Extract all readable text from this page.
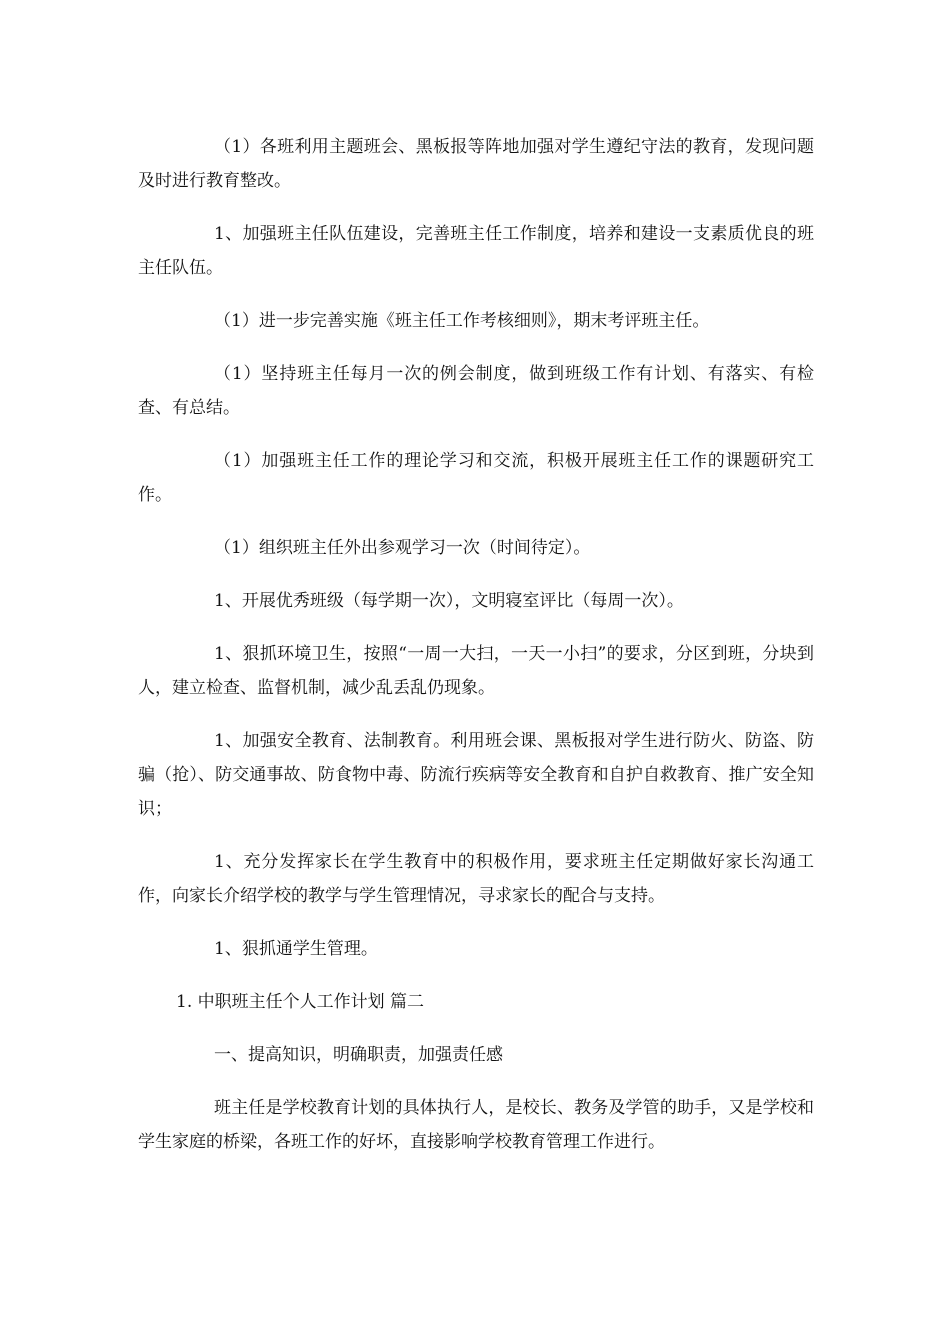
（1）各班利用主题班会、黑板报等阵地加强对学生遵纪守法的教育，发现问题及时进行教育整改。

1、加强班主任队伍建设，完善班主任工作制度，培养和建设一支素质优良的班主任队伍。

（1）进一步完善实施《班主任工作考核细则》，期末考评班主任。

（1）坚持班主任每月一次的例会制度，做到班级工作有计划、有落实、有检查、有总结。

（1）加强班主任工作的理论学习和交流，积极开展班主任工作的课题研究工作。

（1）组织班主任外出参观学习一次（时间待定）。

1、开展优秀班级（每学期一次），文明寝室评比（每周一次）。

1、狠抓环境卫生，按照“一周一大扫，一天一小扫”的要求，分区到班，分块到人，建立检查、监督机制，减少乱丢乱仍现象。

1、加强安全教育、法制教育。利用班会课、黑板报对学生进行防火、防盗、防骗（抢）、防交通事故、防食物中毒、防流行疾病等安全教育和自护自救教育、推广安全知识；

1、充分发挥家长在学生教育中的积极作用，要求班主任定期做好家长沟通工作，向家长介绍学校的教学与学生管理情况，寻求家长的配合与支持。

1、狠抓通学生管理。

1. 中职班主任个人工作计划 篇二

一、提高知识，明确职责，加强责任感

班主任是学校教育计划的具体执行人，是校长、教务及学管的助手，又是学校和学生家庭的桥梁，各班工作的好坏，直接影响学校教育管理工作进行。
